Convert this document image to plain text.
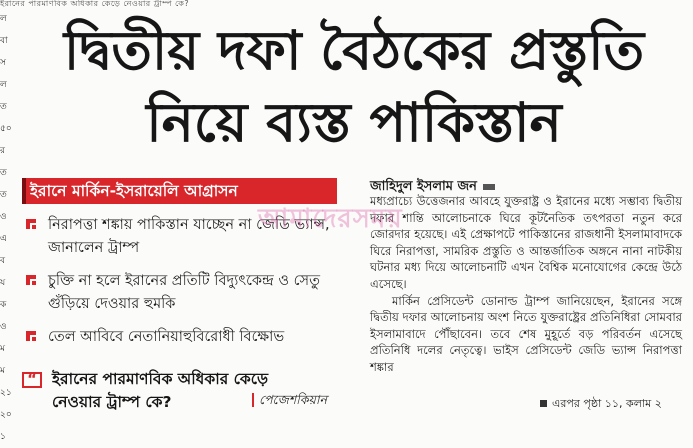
ইরানের পারমাণবিক অধিকার কেড়ে নেওয়ার ট্রাম্প কে?
ল
বা
স
ল
ত
৫০
র
ত
ত
ও
এ
ব
য
ক
ও
ম
ম
২১
২০
১
দ্বিতীয় দফা বৈঠকের প্রস্তুতি
নিয়ে ব্যস্ত পাকিস্তান
ইরানে মার্কিন-ইসরায়েলি আগ্রাসন
নিরাপত্তা শঙ্কায় পাকিস্তান যাচ্ছেন না জেডি ভ্যান্স, জানালেন ট্রাম্প
চুক্তি না হলে ইরানের প্রতিটি বিদ্যুৎকেন্দ্র ও সেতু গুঁড়িয়ে দেওয়ার হুমকি
তেল আবিবে নেতানিয়াহুবিরোধী বিক্ষোভ
“ ইরানের পারমাণবিক অধিকার কেড়ে নেওয়ার ট্রাম্প কে?	পেজেশকিয়ান
জাহিদুল ইসলাম জন

মধ্যপ্রাচ্যে উত্তেজনার আবহে যুক্তরাষ্ট্র ও ইরানের মধ্যে সম্ভাব্য দ্বিতীয় দফার শান্তি আলোচনাকে ঘিরে কূটনৈতিক তৎপরতা নতুন করে জোরদার হয়েছে। এই প্রেক্ষাপটে পাকিস্তানের রাজধানী ইসলামাবাদকে ঘিরে নিরাপত্তা, সামরিক প্রস্তুতি ও আন্তর্জাতিক অঙ্গনে নানা নাটকীয় ঘটনার মধ্য দিয়ে আলোচনাটি এখন বৈশ্বিক মনোযোগের কেন্দ্রে উঠে এসেছে।

মার্কিন প্রেসিডেন্ট ডোনাল্ড ট্রাম্প জানিয়েছেন, ইরানের সঙ্গে দ্বিতীয় দফার আলোচনায় অংশ নিতে যুক্তরাষ্ট্রের প্রতিনিধিরা সোমবার ইসলামাবাদে পৌঁছাবেন। তবে শেষ মুহূর্তে বড় পরিবর্তন এসেছে প্রতিনিধি দলের নেতৃত্বে। ভাইস প্রেসিডেন্ট জেডি ভ্যান্স নিরাপত্তা শঙ্কার

আমাদেরসময়
এরপর পৃষ্ঠা ১১, কলাম ২
